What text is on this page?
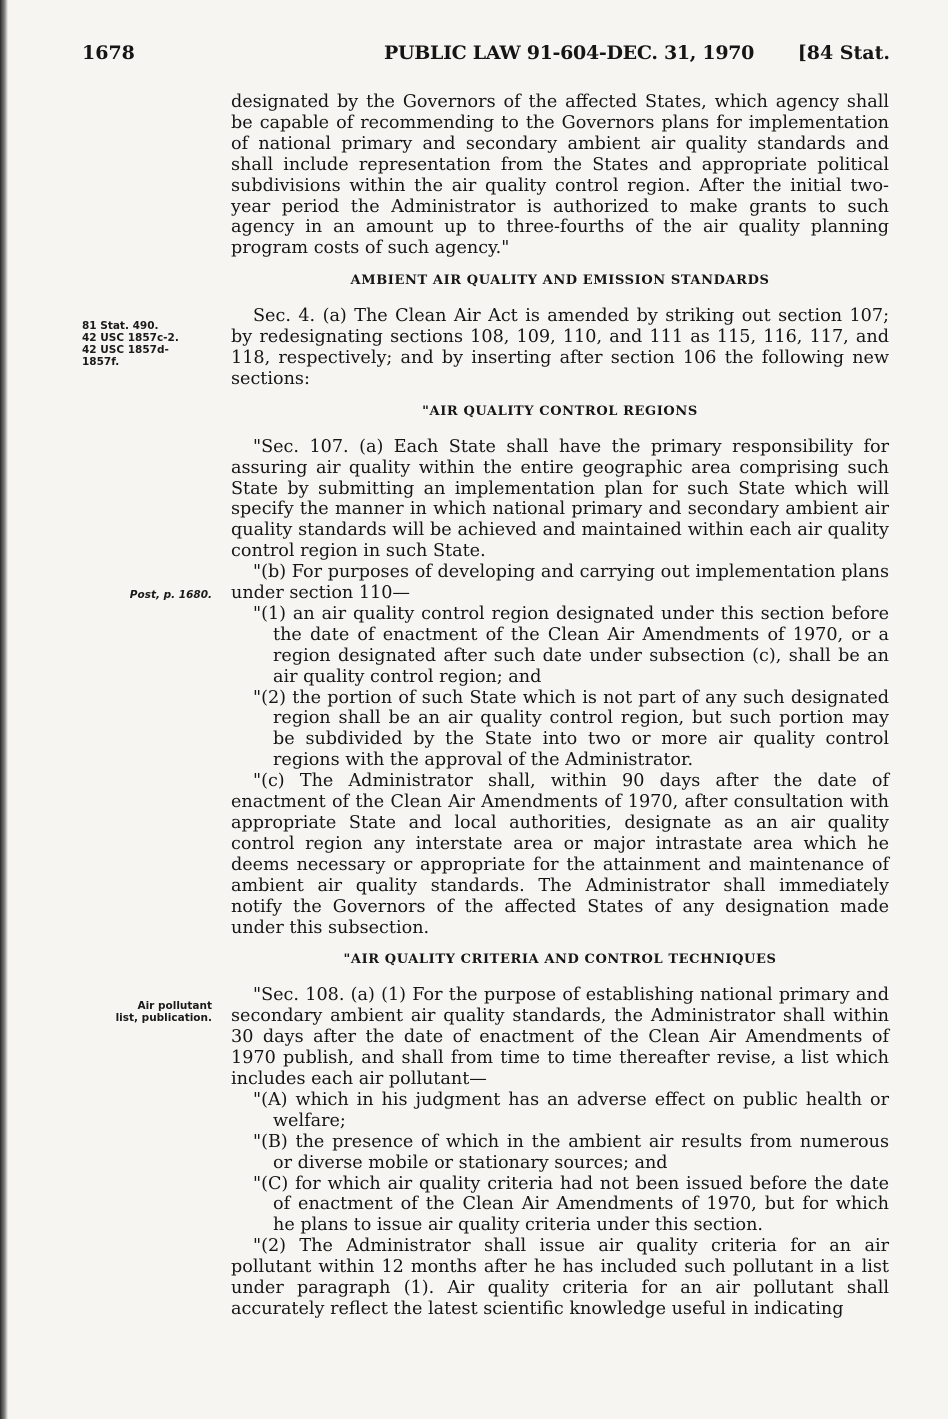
1678	PUBLIC LAW 91-604-DEC. 31, 1970 [84 Stat.
81 Stat. 490.
42 USC 1857c-2.
42 USC 1857d-
1857f.
Post, p. 1680.
Air pollutant
list, publication.

designated by the Governors of the affected States, which agency shall be capable of recommending to the Governors plans for implementation of national primary and secondary ambient air quality standards and shall include representation from the States and appropriate political subdivisions within the air quality control region. After the initial two-year period the Administrator is authorized to make grants to such agency in an amount up to three-fourths of the air quality planning program costs of such agency."

AMBIENT AIR QUALITY AND EMISSION STANDARDS

Sec. 4. (a) The Clean Air Act is amended by striking out section 107; by redesignating sections 108, 109, 110, and 111 as 115, 116, 117, and 118, respectively; and by inserting after section 106 the following new sections:

"AIR QUALITY CONTROL REGIONS

"Sec. 107. (a) Each State shall have the primary responsibility for assuring air quality within the entire geographic area comprising such State by submitting an implementation plan for such State which will specify the manner in which national primary and secondary ambient air quality standards will be achieved and maintained within each air quality control region in such State.

"(b) For purposes of developing and carrying out implementation plans under section 110—

"(1) an air quality control region designated under this section before the date of enactment of the Clean Air Amendments of 1970, or a region designated after such date under subsection (c), shall be an air quality control region; and

"(2) the portion of such State which is not part of any such designated region shall be an air quality control region, but such portion may be subdivided by the State into two or more air quality control regions with the approval of the Administrator.

"(c) The Administrator shall, within 90 days after the date of enactment of the Clean Air Amendments of 1970, after consultation with appropriate State and local authorities, designate as an air quality control region any interstate area or major intrastate area which he deems necessary or appropriate for the attainment and maintenance of ambient air quality standards. The Administrator shall immediately notify the Governors of the affected States of any designation made under this subsection.

"AIR QUALITY CRITERIA AND CONTROL TECHNIQUES

"Sec. 108. (a) (1) For the purpose of establishing national primary and secondary ambient air quality standards, the Administrator shall within 30 days after the date of enactment of the Clean Air Amendments of 1970 publish, and shall from time to time thereafter revise, a list which includes each air pollutant—

"(A) which in his judgment has an adverse effect on public health or welfare;

"(B) the presence of which in the ambient air results from numerous or diverse mobile or stationary sources; and

"(C) for which air quality criteria had not been issued before the date of enactment of the Clean Air Amendments of 1970, but for which he plans to issue air quality criteria under this section.

"(2) The Administrator shall issue air quality criteria for an air pollutant within 12 months after he has included such pollutant in a list under paragraph (1). Air quality criteria for an air pollutant shall accurately reflect the latest scientific knowledge useful in indicating
